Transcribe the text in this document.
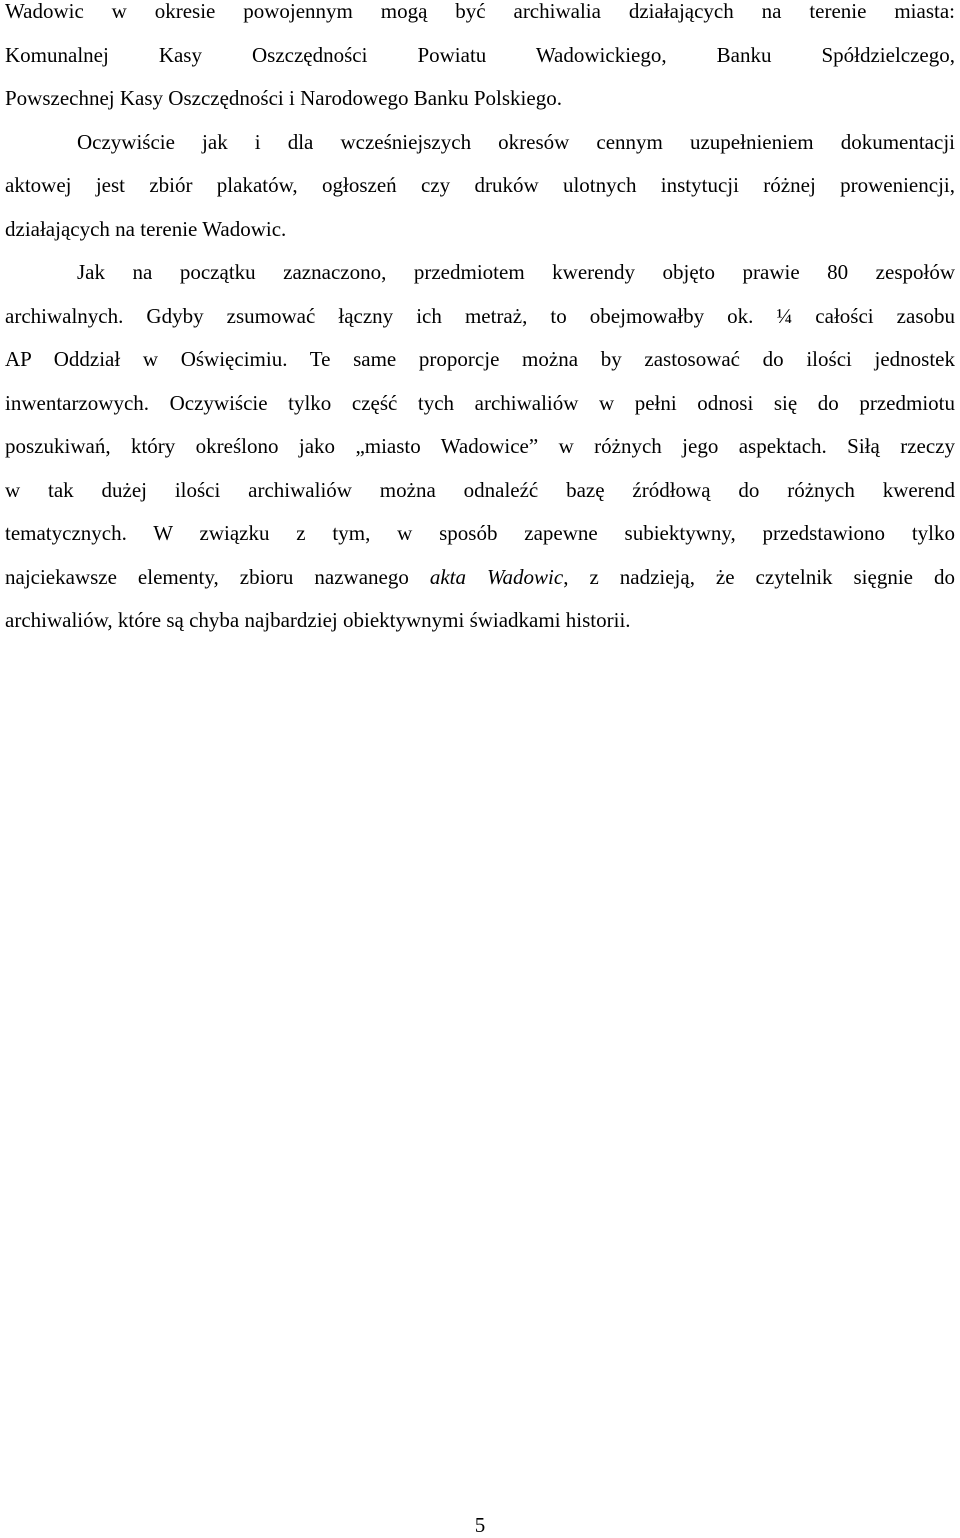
Wadowic w okresie powojennym mogą być archiwalia działających na terenie miasta:
Komunalnej Kasy Oszczędności Powiatu Wadowickiego, Banku Spółdzielczego,
Powszechnej Kasy Oszczędności i Narodowego Banku Polskiego.
Oczywiście jak i dla wcześniejszych okresów cennym uzupełnieniem dokumentacji
aktowej jest zbiór plakatów, ogłoszeń czy druków ulotnych instytucji różnej proweniencji,
działających na terenie Wadowic.
Jak na początku zaznaczono, przedmiotem kwerendy objęto prawie 80 zespołów
archiwalnych. Gdyby zsumować łączny ich metraż, to obejmowałby ok. ¼ całości zasobu
AP Oddział w Oświęcimiu. Te same proporcje można by zastosować do ilości jednostek
inwentarzowych. Oczywiście tylko część tych archiwaliów w pełni odnosi się do przedmiotu
poszukiwań, który określono jako „miasto Wadowice” w różnych jego aspektach. Siłą rzeczy
w tak dużej ilości archiwaliów można odnaleźć bazę źródłową do różnych kwerend
tematycznych. W związku z tym, w sposób zapewne subiektywny, przedstawiono tylko
najciekawsze elementy, zbioru nazwanego akta Wadowic, z nadzieją, że czytelnik sięgnie do
archiwaliów, które są chyba najbardziej obiektywnymi świadkami historii.
5
